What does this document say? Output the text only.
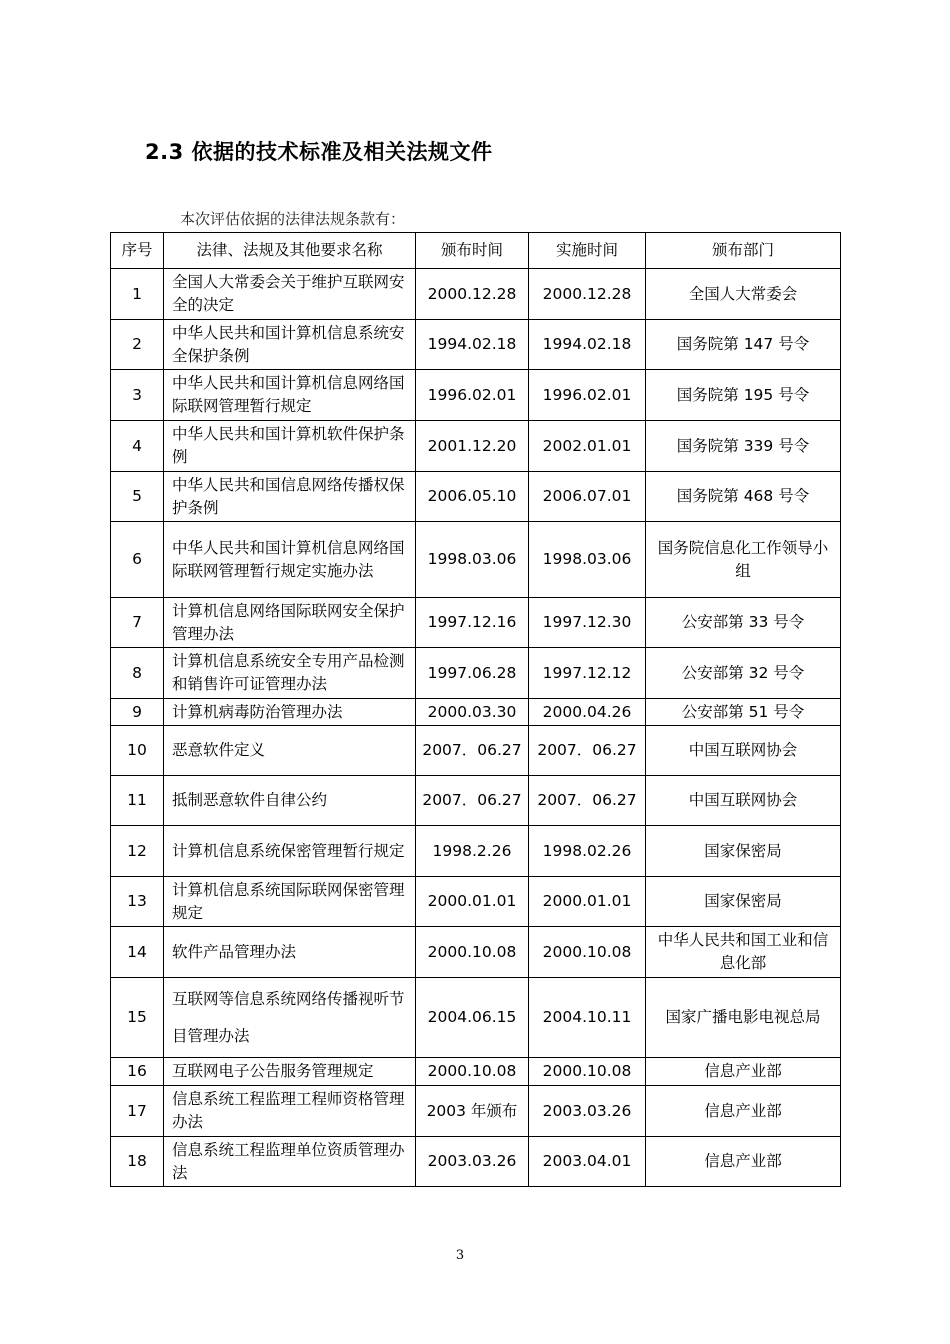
2.3 依据的技术标准及相关法规文件
本次评估依据的法律法规条款有：
序号	法律、法规及其他要求名称	颁布时间	实施时间	颁布部门
1	全国人大常委会关于维护互联网安全的决定	2000.12.28	2000.12.28	全国人大常委会
2	中华人民共和国计算机信息系统安全保护条例	1994.02.18	1994.02.18	国务院第 147 号令
3	中华人民共和国计算机信息网络国际联网管理暂行规定	1996.02.01	1996.02.01	国务院第 195 号令
4	中华人民共和国计算机软件保护条例	2001.12.20	2002.01.01	国务院第 339 号令
5	中华人民共和国信息网络传播权保护条例	2006.05.10	2006.07.01	国务院第 468 号令
6	中华人民共和国计算机信息网络国际联网管理暂行规定实施办法	1998.03.06	1998.03.06	国务院信息化工作领导小组
7	计算机信息网络国际联网安全保护管理办法	1997.12.16	1997.12.30	公安部第 33 号令
8	计算机信息系统安全专用产品检测和销售许可证管理办法	1997.06.28	1997.12.12	公安部第 32 号令
9	计算机病毒防治管理办法	2000.03.30	2000.04.26	公安部第 51 号令
10	恶意软件定义	2007．06.27	2007．06.27	中国互联网协会
11	抵制恶意软件自律公约	2007．06.27	2007．06.27	中国互联网协会
12	计算机信息系统保密管理暂行规定	1998.2.26	1998.02.26	国家保密局
13	计算机信息系统国际联网保密管理规定	2000.01.01	2000.01.01	国家保密局
14	软件产品管理办法	2000.10.08	2000.10.08	中华人民共和国工业和信息化部
15	互联网等信息系统网络传播视听节目管理办法	2004.06.15	2004.10.11	国家广播电影电视总局
16	互联网电子公告服务管理规定	2000.10.08	2000.10.08	信息产业部
17	信息系统工程监理工程师资格管理办法	2003 年颁布	2003.03.26	信息产业部
18	信息系统工程监理单位资质管理办法	2003.03.26	2003.04.01	信息产业部
3
